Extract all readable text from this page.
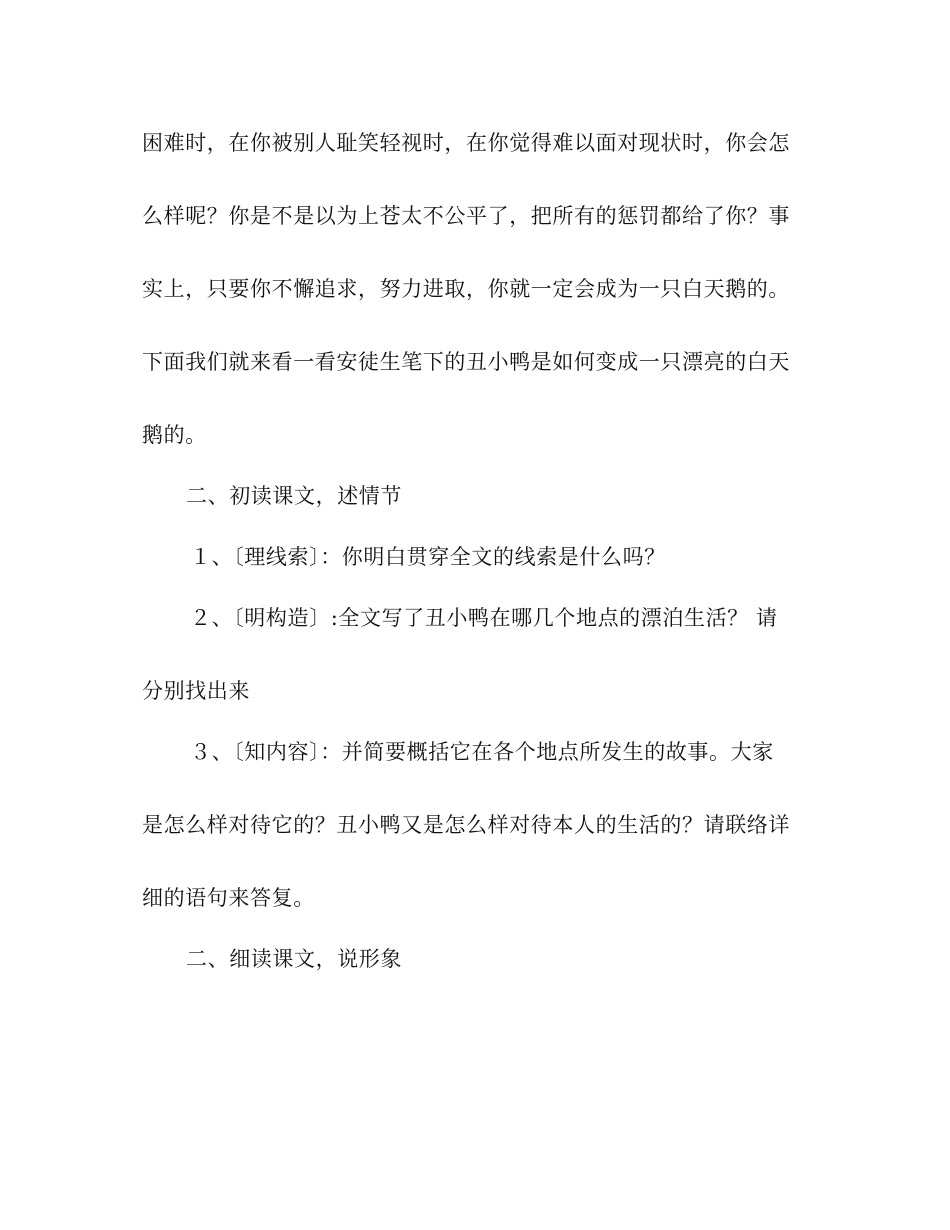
困难时，在你被别人耻笑轻视时，在你觉得难以面对现状时，你会怎
么样呢？你是不是以为上苍太不公平了，把所有的惩罚都给了你？事
实上，只要你不懈追求，努力进取，你就一定会成为一只白天鹅的。
下面我们就来看一看安徒生笔下的丑小鸭是如何变成一只漂亮的白天
鹅的。
二、初读课文，述情节
１、〔理线索〕：你明白贯穿全文的线索是什么吗？
２、〔明构造〕:全文写了丑小鸭在哪几个地点的漂泊生活？ 请
分别找出来
３、〔知内容〕：并简要概括它在各个地点所发生的故事。大家
是怎么样对待它的？丑小鸭又是怎么样对待本人的生活的？请联络详
细的语句来答复。
二、细读课文，说形象
